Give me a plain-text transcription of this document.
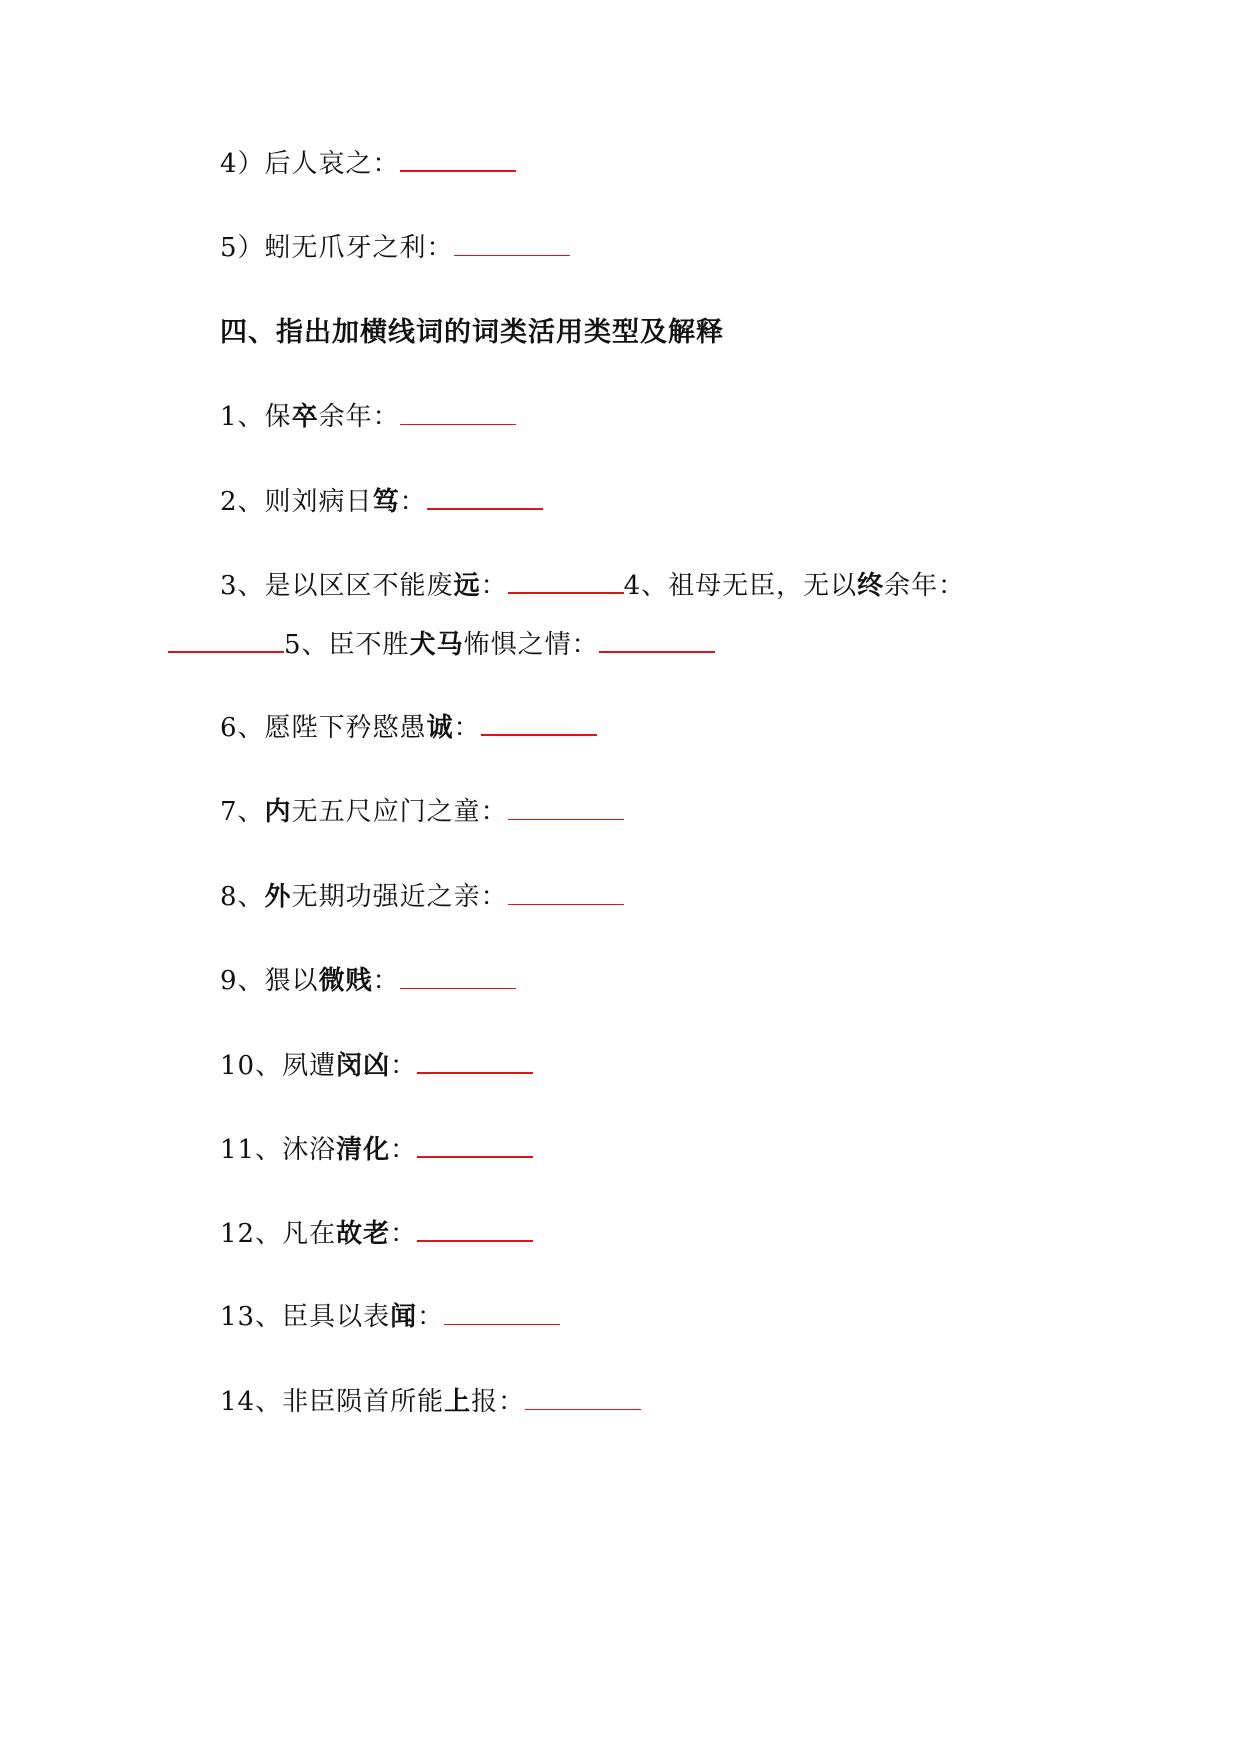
4）后人哀之：
5）蚓无爪牙之利：
四、指出加横线词的词类活用类型及解释
1、保卒余年：
2、则刘病日笃：
3、是以区区不能废远：	4、祖母无臣，无以终余年：
5、臣不胜犬马怖惧之情：
6、愿陛下矜愍愚诚：
7、内无五尺应门之童：
8、外无期功强近之亲：
9、猥以微贱：
10、夙遭闵凶：
11、沐浴清化：
12、凡在故老：
13、臣具以表闻：
14、非臣陨首所能上报：
